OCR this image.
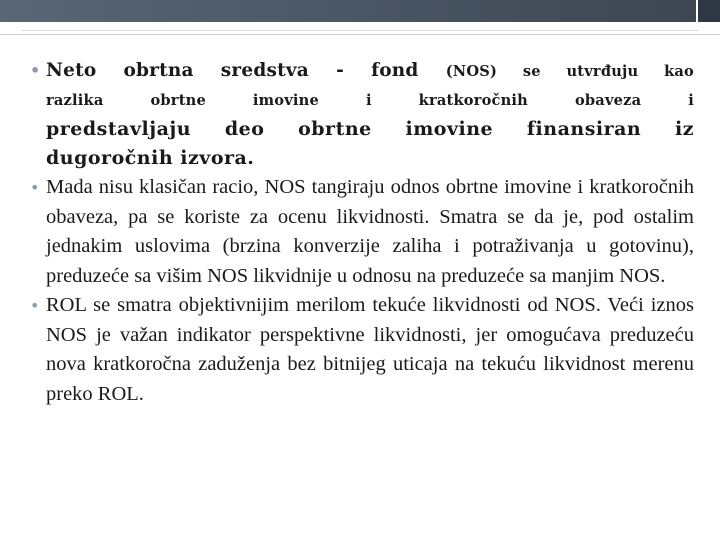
• Neto obrtna sredstva - fond (NOS) se utvrđuju kao
razlika obrtne imovine i kratkoročnih obaveza i
predstavljaju deo obrtne imovine finansiran iz dugoročnih izvora.

• Mada nisu klasičan racio, NOS tangiraju odnos obrtne imovine i kratkoročnih obaveza, pa se koriste za ocenu likvidnosti. Smatra se da je, pod ostalim jednakim uslovima (brzina konverzije zaliha i potraživanja u gotovinu), preduzeće sa višim NOS likvidnije u odnosu na preduzeće sa manjim NOS.

• ROL se smatra objektivnijim merilom tekuće likvidnosti od NOS. Veći iznos NOS je važan indikator perspektivne likvidnosti, jer omogućava preduzeću nova kratkoročna zaduženja bez bitnijeg uticaja na tekuću likvidnost merenu preko ROL.
